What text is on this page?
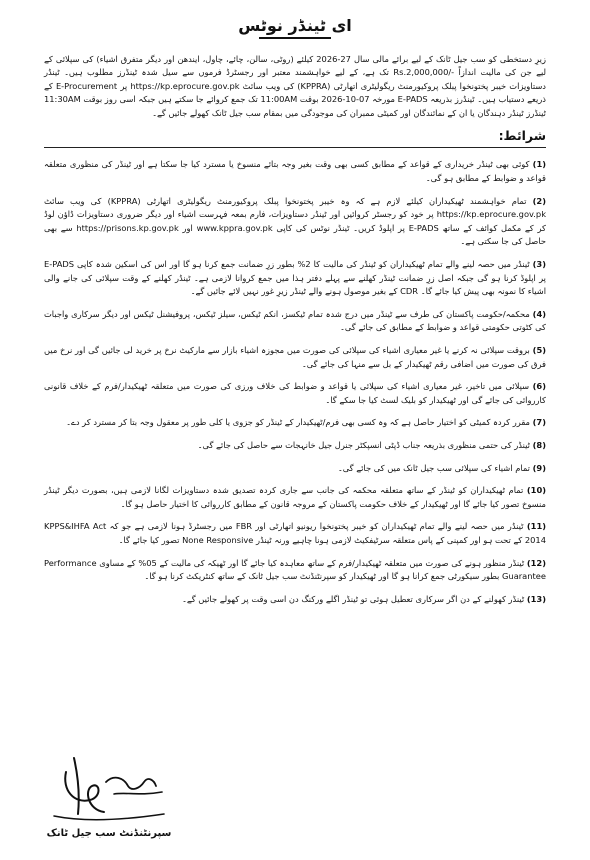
ای ٹینڈر نوٹس

زیرِ دستخطی کو سب جیل ٹانک کے لیے برائے مالی سال 27-2026 کیلئے (روٹی، سالن، چائے، چاول، ایندھن اور دیگر متفرق اشیاء) کی سپلائی کے لیے جن کی مالیت اندازاً -/Rs.2,000,000 تک ہے، کے لیے خواہشمند معتبر اور رجسٹرڈ فرموں سے سیل شدہ ٹینڈرز مطلوب ہیں۔ ٹینڈر دستاویزات خیبر پختونخوا پبلک پروکیورمنٹ ریگولیٹری اتھارٹی (KPPRA) کی ویب سائٹ https://kp.eprocure.gov.pk پر E-Procurement کے ذریعے دستیاب ہیں۔ ٹینڈرز بذریعہ E-PADS مورخہ 07-10-2026 بوقت 11:00AM تک جمع کروائے جا سکتے ہیں جبکہ اسی روز بوقت 11:30AM ٹینڈرز ٹینڈر دہندگان یا ان کے نمائندگان اور کمیٹی ممبران کی موجودگی میں بمقام سب جیل ٹانک کھولے جائیں گے۔

شرائط:
(1) کوئی بھی ٹینڈر خریداری کے قواعد کے مطابق کسی بھی وقت بغیر وجہ بتائے منسوخ یا مسترد کیا جا سکتا ہے اور ٹینڈر کی منظوری متعلقہ قواعد و ضوابط کے مطابق ہو گی۔
(2) تمام خواہشمند ٹھیکیداران کیلئے لازم ہے کہ وہ خیبر پختونخوا پبلک پروکیورمنٹ ریگولیٹری اتھارٹی (KPPRA) کی ویب سائٹ https://kp.eprocure.gov.pk پر خود کو رجسٹر کروائیں اور ٹینڈر دستاویزات، فارم بمعہ فہرست اشیاء اور دیگر ضروری دستاویزات ڈاؤن لوڈ کر کے مکمل کوائف کے ساتھ E-PADS پر اپلوڈ کریں۔ ٹینڈر نوٹس کی کاپی www.kppra.gov.pk اور https://prisons.kp.gov.pk سے بھی حاصل کی جا سکتی ہے۔
(3) ٹینڈر میں حصہ لینے والے تمام ٹھیکیداران کو ٹینڈر کی مالیت کا 2% بطور زرِ ضمانت جمع کرنا ہو گا اور اس کی اسکین شدہ کاپی E-PADS پر اپلوڈ کرنا ہو گی جبکہ اصل زرِ ضمانت ٹینڈر کھلنے سے پہلے دفتر ہذا میں جمع کروانا لازمی ہے۔ ٹینڈر کھلنے کے وقت سپلائی کی جانے والی اشیاء کا نمونہ بھی پیش کیا جائے گا۔ CDR کے بغیر موصول ہونے والے ٹینڈر زیرِ غور نہیں لائے جائیں گے۔
(4) محکمہ/حکومت پاکستان کی طرف سے ٹینڈر میں درج شدہ تمام ٹیکسز، انکم ٹیکس، سیلز ٹیکس، پروفیشنل ٹیکس اور دیگر سرکاری واجبات کی کٹوتی حکومتی قواعد و ضوابط کے مطابق کی جائے گی۔
(5) بروقت سپلائی نہ کرنے یا غیر معیاری اشیاء کی سپلائی کی صورت میں مجوزہ اشیاء بازار سے مارکیٹ نرخ پر خرید لی جائیں گی اور نرخ میں فرق کی صورت میں اضافی رقم ٹھیکیدار کے بل سے منہا کی جائے گی۔
(6) سپلائی میں تاخیر، غیر معیاری اشیاء کی سپلائی یا قواعد و ضوابط کی خلاف ورزی کی صورت میں متعلقہ ٹھیکیدار/فرم کے خلاف قانونی کارروائی کی جائے گی اور ٹھیکیدار کو بلیک لسٹ کیا جا سکے گا۔
(7) مقرر کردہ کمیٹی کو اختیار حاصل ہے کہ وہ کسی بھی فرم/ٹھیکیدار کے ٹینڈر کو جزوی یا کلی طور پر معقول وجہ بتا کر مسترد کر دے۔
(8) ٹینڈر کی حتمی منظوری بذریعہ جناب ڈپٹی انسپکٹر جنرل جیل خانہجات سے حاصل کی جائے گی۔
(9) تمام اشیاء کی سپلائی سب جیل ٹانک میں کی جائے گی۔
(10) تمام ٹھیکیداران کو ٹینڈر کے ساتھ متعلقہ محکمہ کی جانب سے جاری کردہ تصدیق شدہ دستاویزات لگانا لازمی ہیں، بصورت دیگر ٹینڈر منسوخ تصور کیا جائے گا اور ٹھیکیدار کے خلاف حکومت پاکستان کے مروجہ قانون کے مطابق کارروائی کا اختیار حاصل ہو گا۔
(11) ٹینڈر میں حصہ لینے والے تمام ٹھیکیداران کو خیبر پختونخوا ریونیو اتھارٹی اور FBR میں رجسٹرڈ ہونا لازمی ہے جو کہ KPPS&IHFA Act 2014 کے تحت ہو اور کمپنی کے پاس متعلقہ سرٹیفکیٹ لازمی ہونا چاہیے ورنہ ٹینڈر None Responsive تصور کیا جائے گا۔
(12) ٹینڈر منظور ہونے کی صورت میں متعلقہ ٹھیکیدار/فرم کے ساتھ معاہدہ کیا جائے گا اور ٹھیکہ کی مالیت کے 05% کے مساوی Performance Guarantee بطور سیکورٹی جمع کرانا ہو گا اور ٹھیکیدار کو سپرنٹنڈنٹ سب جیل ٹانک کے ساتھ کنٹریکٹ کرنا ہو گا۔
(13) ٹینڈر کھولنے کے دن اگر سرکاری تعطیل ہوئی تو ٹینڈر اگلے ورکنگ دن اسی وقت پر کھولے جائیں گے۔
سپرنٹنڈنٹ سب جیل ٹانک
